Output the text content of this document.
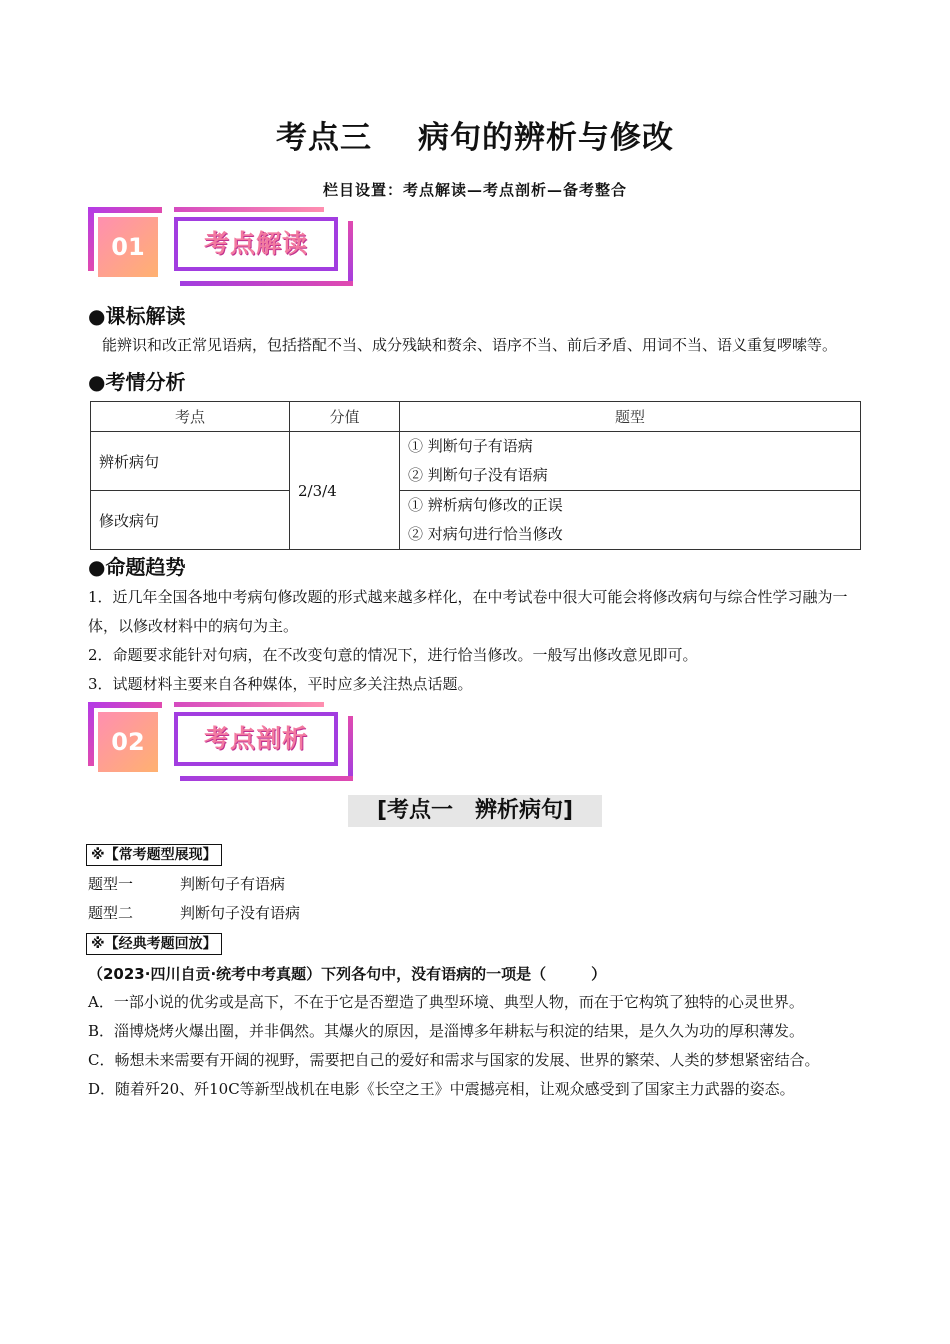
考点三 病句的辨析与修改
栏目设置：考点解读—考点剖析—备考整合
01	考点解读
●课标解读
能辨识和改正常见语病，包括搭配不当、成分残缺和赘余、语序不当、前后矛盾、用词不当、语义重复啰嗦等。
●考情分析
考点	分值	题型
辨析病句	2/3/4	① 判断句子有语病
② 判断句子没有语病

修改病句		① 辨析病句修改的正误
② 对病句进行恰当修改
●命题趋势
1．近几年全国各地中考病句修改题的形式越来越多样化，在中考试卷中很大可能会将修改病句与综合性学习融为一体，以修改材料中的病句为主。
2．命题要求能针对句病，在不改变句意的情况下，进行恰当修改。一般写出修改意见即可。
3．试题材料主要来自各种媒体，平时应多关注热点话题。
02	考点剖析
[考点一　辨析病句]
※【常考题型展现】
题型一	判断句子有语病
题型二	判断句子没有语病
※【经典考题回放】
（2023·四川自贡·统考中考真题）下列各句中，没有语病的一项是（　　　）
A．一部小说的优劣或是高下，不在于它是否塑造了典型环境、典型人物，而在于它构筑了独特的心灵世界。
B．淄博烧烤火爆出圈，并非偶然。其爆火的原因，是淄博多年耕耘与积淀的结果，是久久为功的厚积薄发。
C．畅想未来需要有开阔的视野，需要把自己的爱好和需求与国家的发展、世界的繁荣、人类的梦想紧密结合。
D．随着歼20、歼10C等新型战机在电影《长空之王》中震撼亮相，让观众感受到了国家主力武器的姿态。
